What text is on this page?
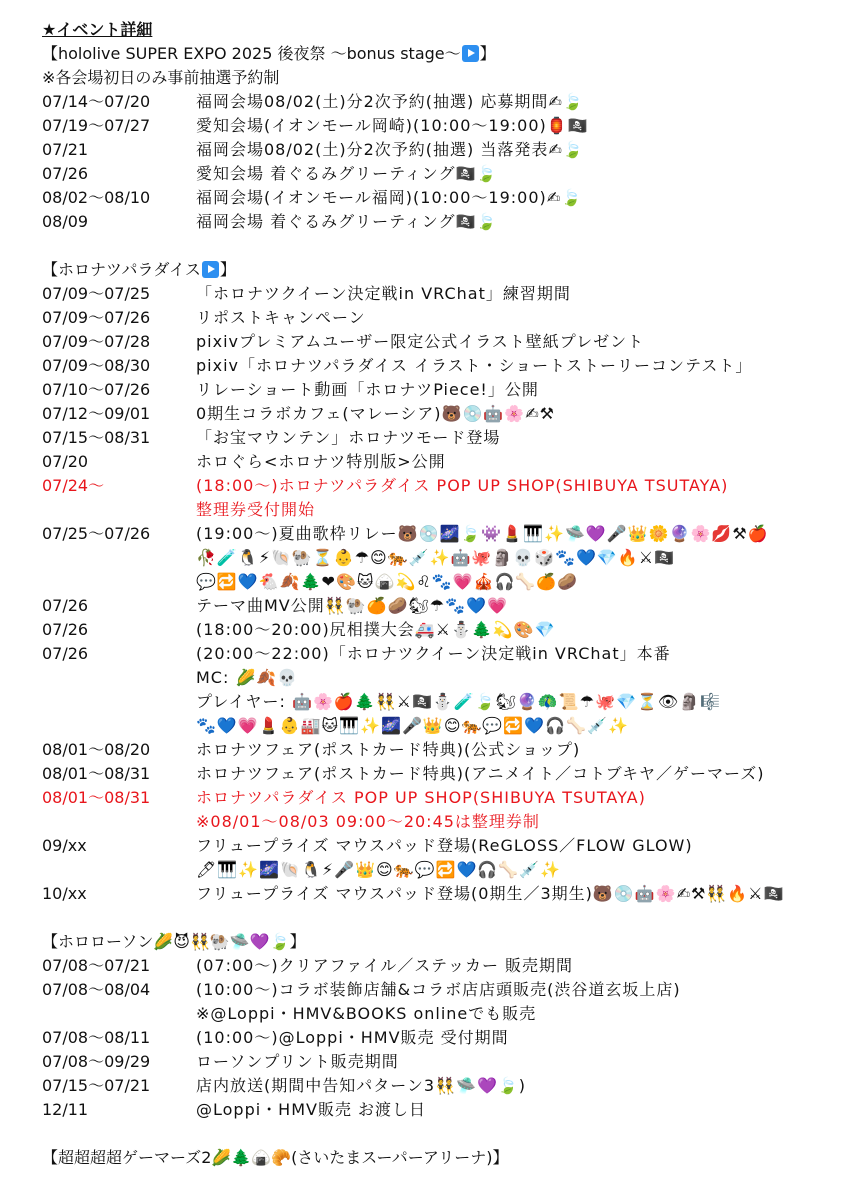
★イベント詳細
【hololive SUPER EXPO 2025 後夜祭 〜bonus stage〜 】
※各会場初日のみ事前抽選予約制
07/14〜07/20	福岡会場08/02(土)分2次予約(抽選) 応募期間✍🍃
07/19〜07/27	愛知会場(イオンモール岡崎)(10:00〜19:00)🏮🏴‍☠️
07/21	福岡会場08/02(土)分2次予約(抽選) 当落発表✍🍃
07/26	愛知会場 着ぐるみグリーティング🏴‍☠️🍃
08/02〜08/10	福岡会場(イオンモール福岡)(10:00〜19:00)✍🍃
08/09	福岡会場 着ぐるみグリーティング🏴‍☠️🍃
【ホロナツパラダイス 】
07/09〜07/25	「ホロナツクイーン決定戦in VRChat」練習期間
07/09〜07/26	リポストキャンペーン
07/09〜07/28	pixivプレミアムユーザー限定公式イラスト壁紙プレゼント
07/09〜08/30	pixiv「ホロナツパラダイス イラスト・ショートストーリーコンテスト」
07/10〜07/26	リレーショート動画「ホロナツPiece!」公開
07/12〜09/01	0期生コラボカフェ(マレーシア)🐻💿🤖🌸✍⚒
07/15〜08/31	「お宝マウンテン」ホロナツモード登場
07/20	ホロぐら<ホロナツ特別版>公開
07/24〜	(18:00〜)ホロナツパラダイス POP UP SHOP(SHIBUYA TSUTAYA)
整理券受付開始
07/25〜07/26	(19:00〜)夏曲歌枠リレー🐻💿🌌🍃👾💄🎹✨🛸💜🎤👑🌼🔮🌸💋⚒🍎
🥀🧪🐧⚡🐚🐏⏳👶☂😊🐅💉✨🤖🐙🗿💀🎲🐾💙💎🔥⚔🏴‍☠️
💬🔁💙🐔🍂🌲❤🎨🐱🍙💫♌🐾💗🎪🎧🦴🍊🥔
07/26	テーマ曲MV公開👯🐏🍊🥔🐿☂🐾💙💗
07/26	(18:00〜20:00)尻相撲大会🚑⚔⛄🌲💫🎨💎
07/26	(20:00〜22:00)「ホロナツクイーン決定戦in VRChat」本番
MC: 🌽🍂💀
プレイヤー: 🤖🌸🍎🌲👯⚔🏴‍☠️⛄🧪🍃🐿🔮🦚📜☂🐙💎⏳👁🗿🎼
🐾💙💗💄👶🏭🐱🎹✨🌌🎤👑😊🐅💬🔁💙🎧🦴💉✨
08/01〜08/20	ホロナツフェア(ポストカード特典)(公式ショップ)
08/01〜08/31	ホロナツフェア(ポストカード特典)(アニメイト／コトブキヤ／ゲーマーズ)
08/01〜08/31	ホロナツパラダイス POP UP SHOP(SHIBUYA TSUTAYA)
※08/01〜08/03 09:00〜20:45は整理券制
09/xx	フリュープライズ マウスパッド登場(ReGLOSS／FLOW GLOW)
🖊🎹✨🌌🐚🐧⚡🎤👑😊🐅💬🔁💙🎧🦴💉✨
10/xx	フリュープライズ マウスパッド登場(0期生／3期生)🐻💿🤖🌸✍⚒👯🔥⚔🏴‍☠️
【ホロローソン🌽😈👯🐏🛸💜🍃】
07/08〜07/21	(07:00〜)クリアファイル／ステッカー 販売期間
07/08〜08/04	(10:00〜)コラボ装飾店舗&コラボ店店頭販売(渋谷道玄坂上店)
※@Loppi・HMV&BOOKS onlineでも販売
07/08〜08/11	(10:00〜)@Loppi・HMV販売 受付期間
07/08〜09/29	ローソンプリント販売期間
07/15〜07/21	店内放送(期間中告知パターン3👯🛸💜🍃)
12/11	@Loppi・HMV販売 お渡し日
【超超超超ゲーマーズ2🌽🌲🍙🥐(さいたまスーパーアリーナ)】
